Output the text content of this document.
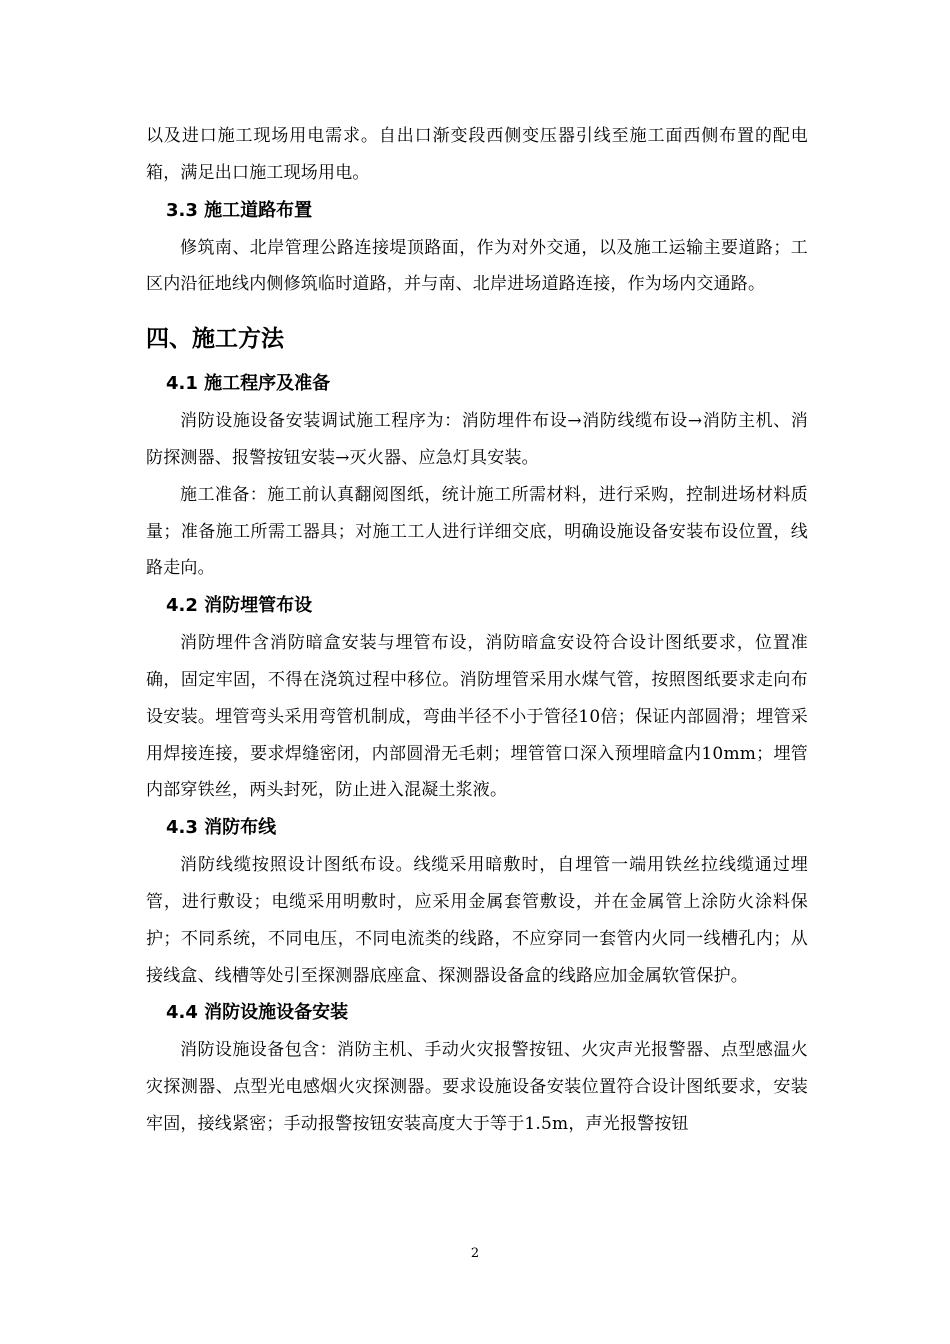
以及进口施工现场用电需求。自出口渐变段西侧变压器引线至施工面西侧布置的配电箱，满足出口施工现场用电。

3.3 施工道路布置

修筑南、北岸管理公路连接堤顶路面，作为对外交通，以及施工运输主要道路；工区内沿征地线内侧修筑临时道路，并与南、北岸进场道路连接，作为场内交通路。

四、施工方法
4.1 施工程序及准备

消防设施设备安装调试施工程序为：消防埋件布设→消防线缆布设→消防主机、消防探测器、报警按钮安装→灭火器、应急灯具安装。

施工准备：施工前认真翻阅图纸，统计施工所需材料，进行采购，控制进场材料质量；准备施工所需工器具；对施工工人进行详细交底，明确设施设备安装布设位置，线路走向。

4.2 消防埋管布设

消防埋件含消防暗盒安装与埋管布设，消防暗盒安设符合设计图纸要求，位置准确，固定牢固，不得在浇筑过程中移位。消防埋管采用水煤气管，按照图纸要求走向布设安装。埋管弯头采用弯管机制成，弯曲半径不小于管径10倍；保证内部圆滑；埋管采用焊接连接，要求焊缝密闭，内部圆滑无毛刺；埋管管口深入预埋暗盒内10mm；埋管内部穿铁丝，两头封死，防止进入混凝土浆液。

4.3 消防布线

消防线缆按照设计图纸布设。线缆采用暗敷时，自埋管一端用铁丝拉线缆通过埋管，进行敷设；电缆采用明敷时，应采用金属套管敷设，并在金属管上涂防火涂料保护；不同系统，不同电压，不同电流类的线路，不应穿同一套管内火同一线槽孔内；从接线盒、线槽等处引至探测器底座盒、探测器设备盒的线路应加金属软管保护。

4.4 消防设施设备安装

消防设施设备包含：消防主机、手动火灾报警按钮、火灾声光报警器、点型感温火灾探测器、点型光电感烟火灾探测器。要求设施设备安装位置符合设计图纸要求，安装牢固，接线紧密；手动报警按钮安装高度大于等于1.5m，声光报警按钮

2
